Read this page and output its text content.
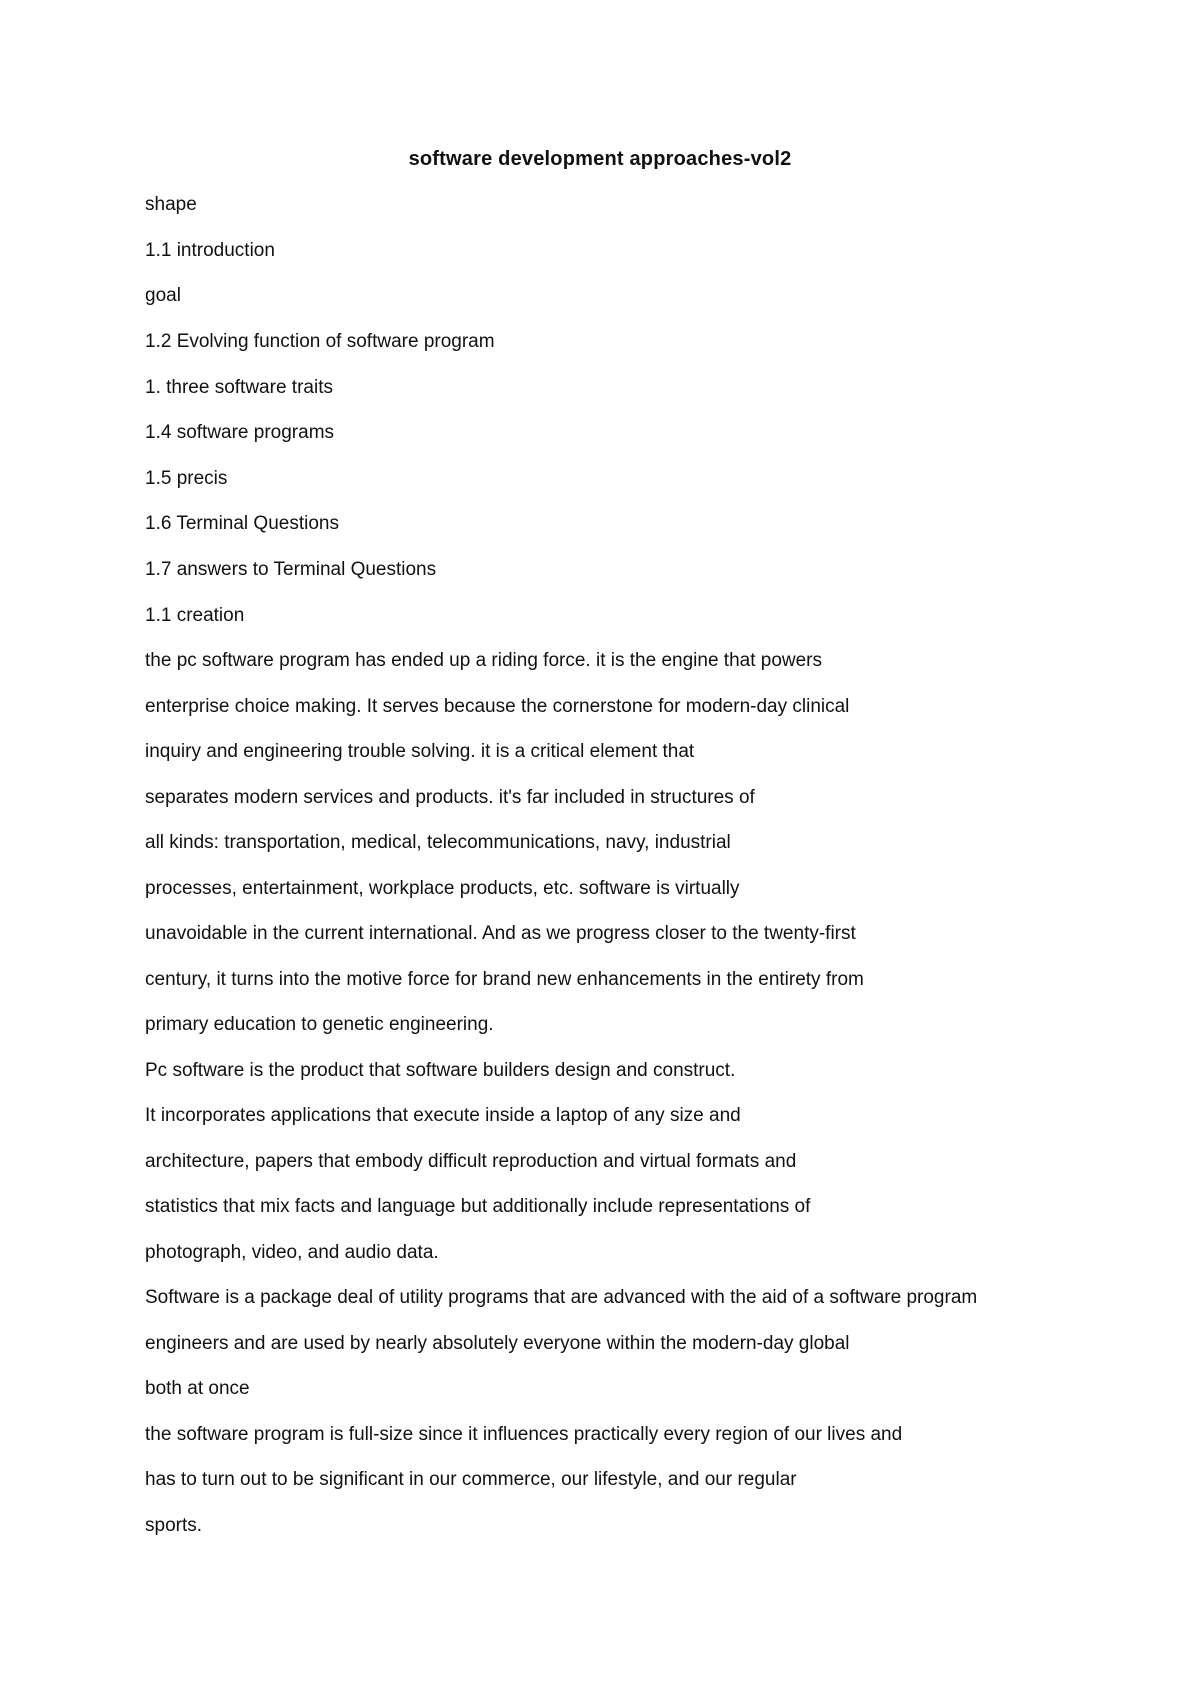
software development approaches-vol2
shape
1.1 introduction
goal
1.2 Evolving function of software program
1. three software traits
1.4 software programs
1.5 precis
1.6 Terminal Questions
1.7 answers to Terminal Questions
1.1 creation
the pc software program has ended up a riding force. it is the engine that powers
enterprise choice making. It serves because the cornerstone for modern-day clinical
inquiry and engineering trouble solving. it is a critical element that
separates modern services and products. it's far included in structures of
all kinds: transportation, medical, telecommunications, navy, industrial
processes, entertainment, workplace products, etc. software is virtually
unavoidable in the current international. And as we progress closer to the twenty-first
century, it turns into the motive force for brand new enhancements in the entirety from
primary education to genetic engineering.
Pc software is the product that software builders design and construct.
It incorporates applications that execute inside a laptop of any size and
architecture, papers that embody difficult reproduction and virtual formats and
statistics that mix facts and language but additionally include representations of
photograph, video, and audio data.
Software is a package deal of utility programs that are advanced with the aid of a software program
engineers and are used by nearly absolutely everyone within the modern-day global
both at once
the software program is full-size since it influences practically every region of our lives and
has to turn out to be significant in our commerce, our lifestyle, and our regular
sports.
